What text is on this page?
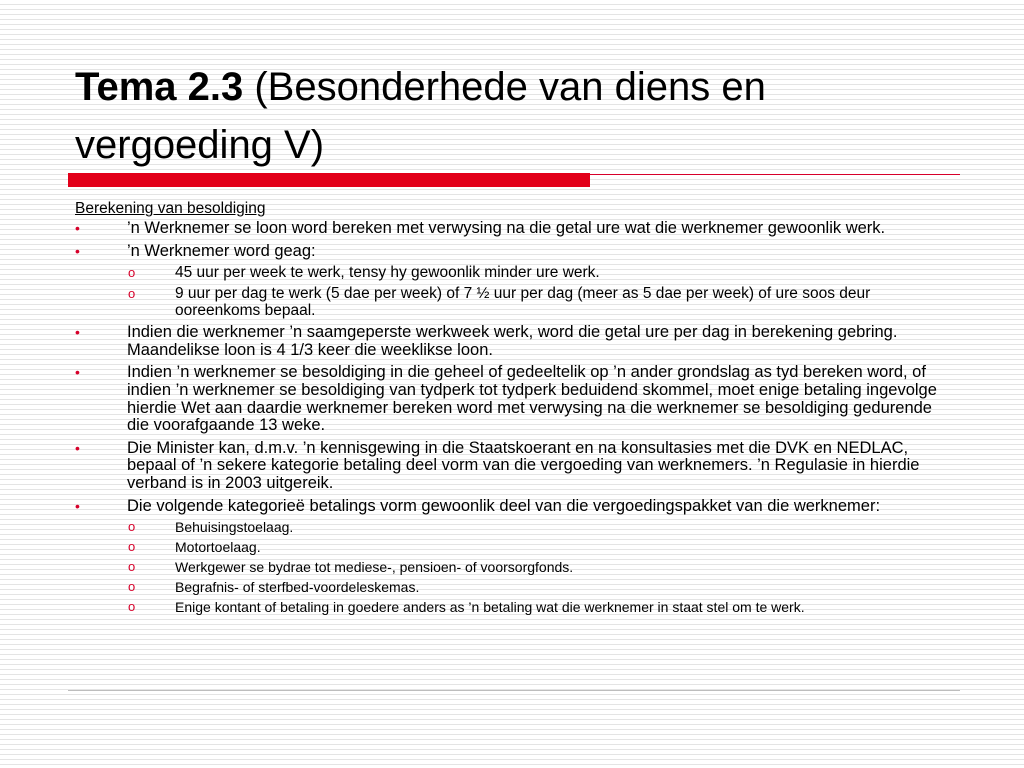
Tema 2.3 (Besonderhede van diens en vergoeding V)

Berekening van besoldiging

•	’n Werknemer se loon word bereken met verwysing na die getal ure wat die werknemer gewoonlik werk.
•	’n Werknemer word geag:
o	45 uur per week te werk, tensy hy gewoonlik minder ure werk.
o	9 uur per dag te werk (5 dae per week) of 7 ½ uur per dag (meer as 5 dae per week) of ure soos deur ooreenkoms bepaal.
•	Indien die werknemer ’n saamgeperste werkweek werk, word die getal ure per dag in berekening gebring. Maandelikse loon is 4 1/3 keer die weeklikse loon.
•	Indien ’n werknemer se besoldiging in die geheel of gedeeltelik op ’n ander grondslag as tyd bereken word, of indien ’n werknemer se besoldiging van tydperk tot tydperk beduidend skommel, moet enige betaling ingevolge hierdie Wet aan daardie werknemer bereken word met verwysing na die werknemer se besoldiging gedurende die voorafgaande 13 weke.
•	Die Minister kan, d.m.v. ’n kennisgewing in die Staatskoerant en na konsultasies met die DVK en NEDLAC, bepaal of ’n sekere kategorie betaling deel vorm van die vergoeding van werknemers. ’n Regulasie in hierdie verband is in 2003 uitgereik.
•	Die volgende kategorieë betalings vorm gewoonlik deel van die vergoedingspakket van die werknemer:
o	Behuisingstoelaag.
o	Motortoelaag.
o	Werkgewer se bydrae tot mediese-, pensioen- of voorsorgfonds.
o	Begrafnis- of sterfbed-voordeleskemas.
o	Enige kontant of betaling in goedere anders as ’n betaling wat die werknemer in staat stel om te werk.
